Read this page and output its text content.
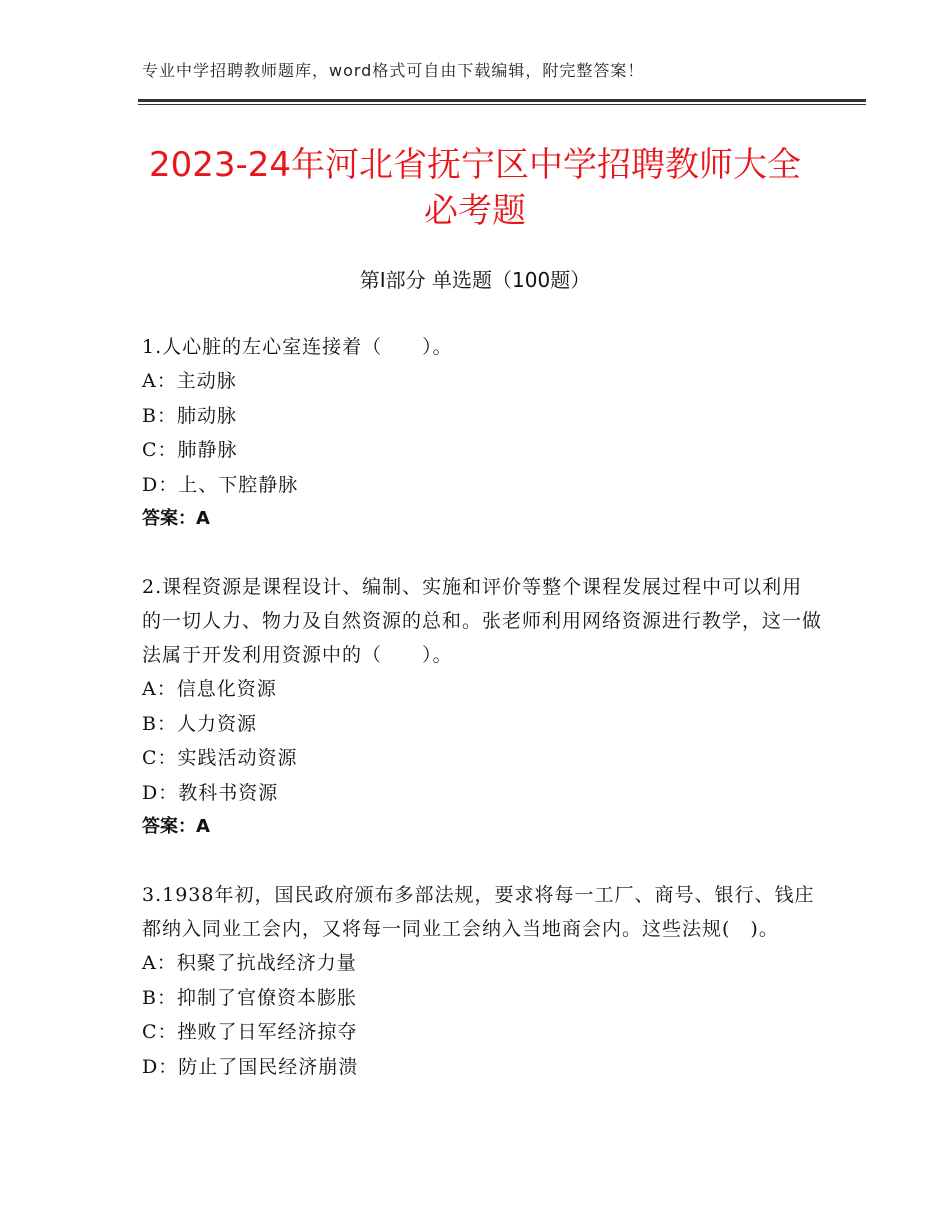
专业中学招聘教师题库，word格式可自由下载编辑，附完整答案！
2023-24年河北省抚宁区中学招聘教师大全
必考题
第Ⅰ部分 单选题（100题）
1.人心脏的左心室连接着（　　）。
A：主动脉
B：肺动脉
C：肺静脉
D：上、下腔静脉
答案：A
2.课程资源是课程设计、编制、实施和评价等整个课程发展过程中可以利用的一切人力、物力及自然资源的总和。张老师利用网络资源进行教学，这一做法属于开发利用资源中的（　　）。
A：信息化资源
B：人力资源
C：实践活动资源
D：教科书资源
答案：A
3.1938年初，国民政府颁布多部法规，要求将每一工厂、商号、银行、钱庄都纳入同业工会内，又将每一同业工会纳入当地商会内。这些法规(　)。
A：积聚了抗战经济力量
B：抑制了官僚资本膨胀
C：挫败了日军经济掠夺
D：防止了国民经济崩溃
